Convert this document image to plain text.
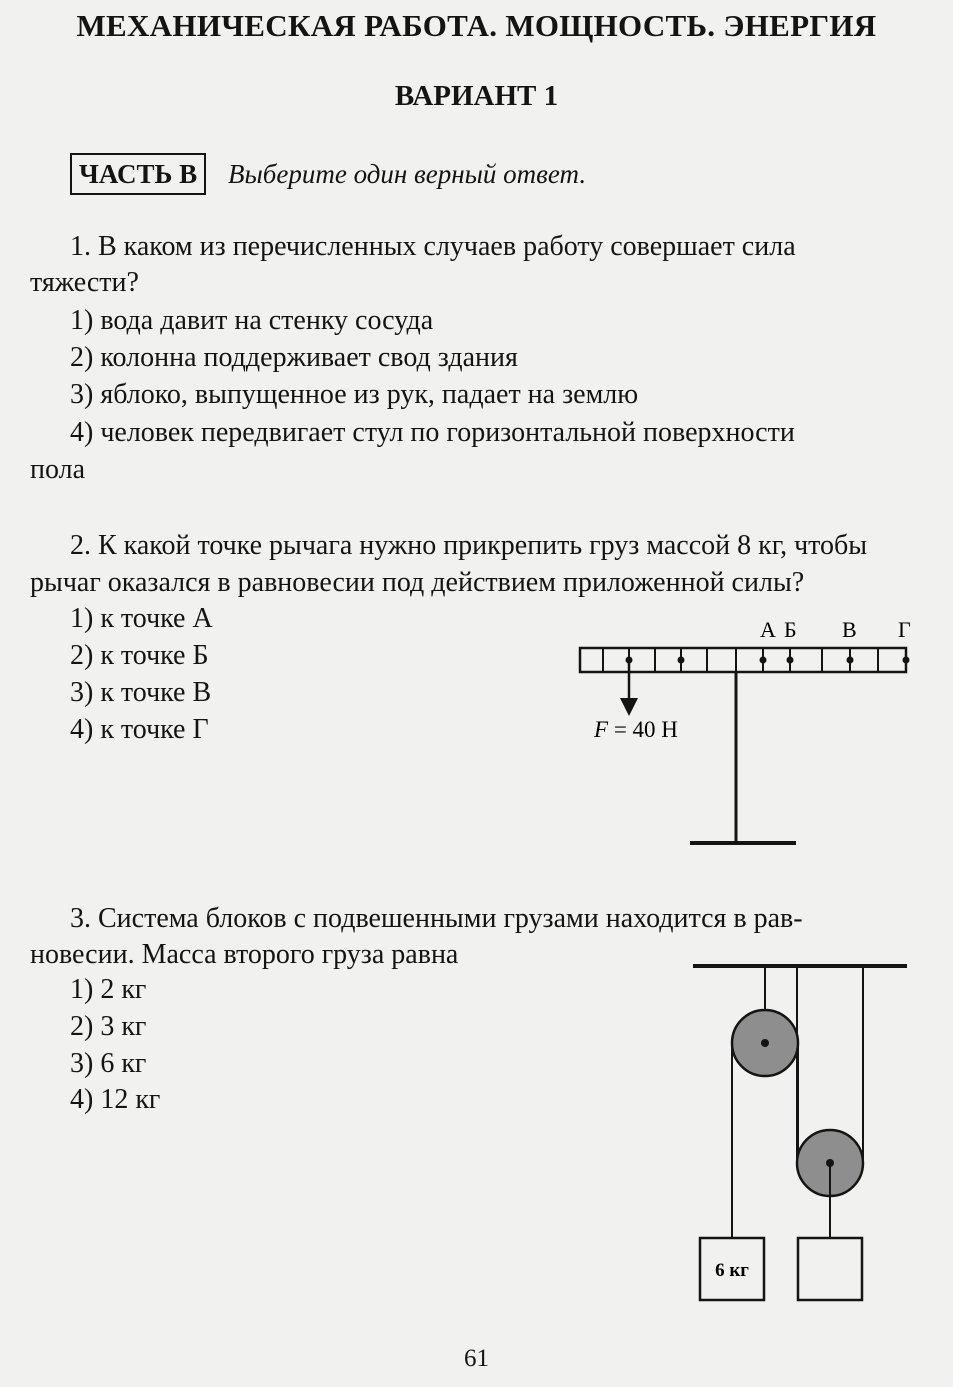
МЕХАНИЧЕСКАЯ РАБОТА. МОЩНОСТЬ. ЭНЕРГИЯ
ВАРИАНТ 1
ЧАСТЬ В	Выберите один верный ответ.
1. В каком из перечисленных случаев работу совершает сила
тяжести?
1) вода давит на стенку сосуда
2) колонна поддерживает свод здания
3) яблоко, выпущенное из рук, падает на землю
4) человек передвигает стул по горизонтальной поверхности
пола
2. К какой точке рычага нужно прикрепить груз массой 8 кг, чтобы
рычаг оказался в равновесии под действием приложенной силы?
1) к точке А
2) к точке Б
3) к точке В
4) к точке Г
А Б В Г
F = 40 Н
3. Система блоков с подвешенными грузами находится в рав-
новесии. Масса второго груза равна
1) 2 кг
2) 3 кг
3) 6 кг
4) 12 кг
6 кг
61
